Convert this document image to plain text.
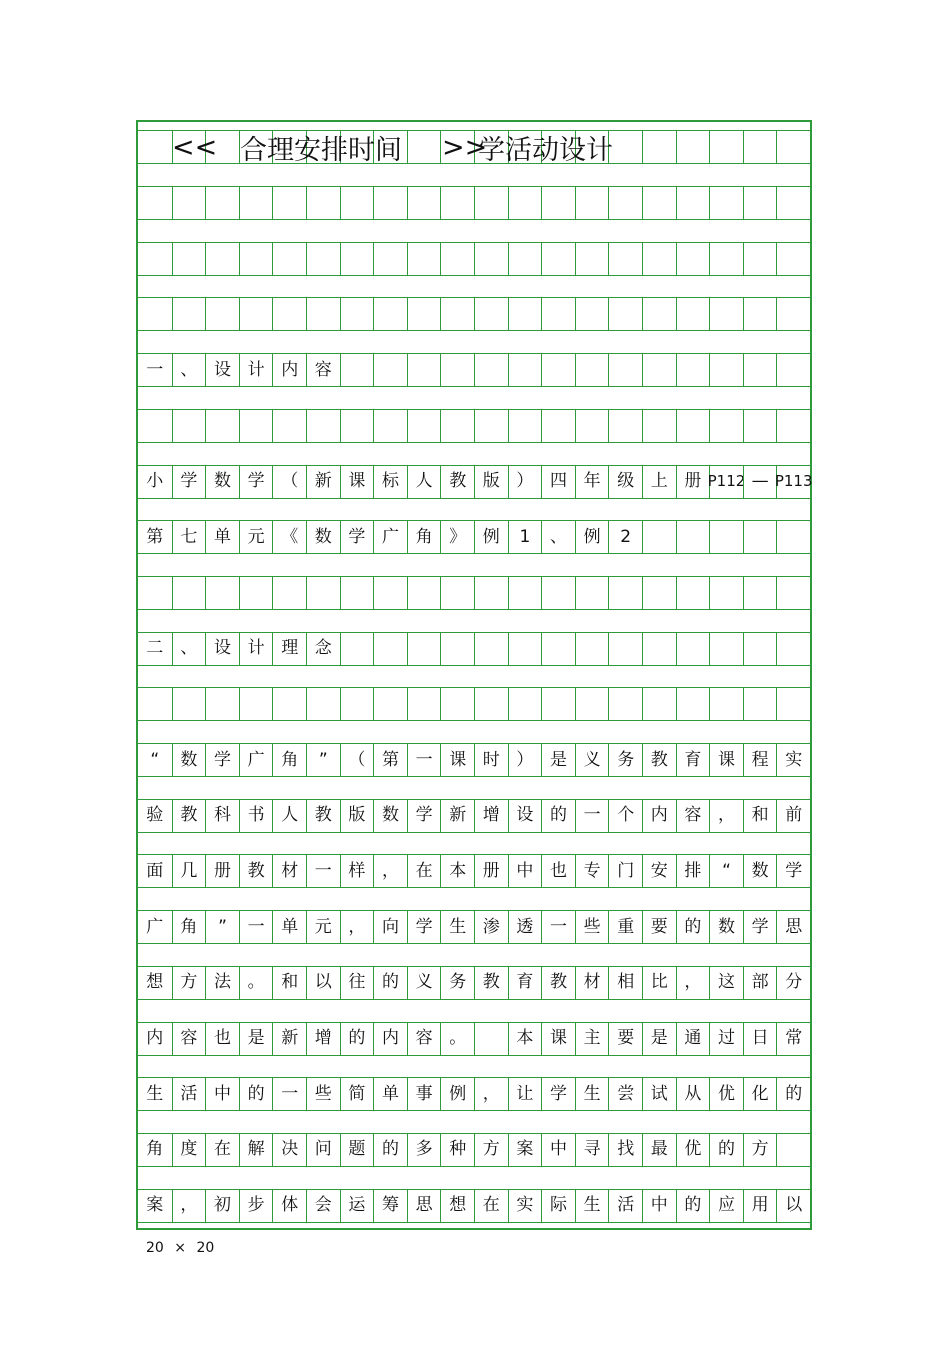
<< 合理安排时间 >>
学活动设计
一	、 设 计 内 容
小	学 数 学 （ 新 课 标 人 教 版 ） 四 年 级 上 册 P112 — P113
第	七 单 元 《 数 学 广 角 》 例	1	、 例	2
二	、 设 计 理 念
“	数 学 广 角	”	（ 第 一 课 时 ） 是 义 务 教 育 课 程 实
验	教 科 书 人 教 版 数 学 新 增 设 的 一 个 内 容 ， 和 前
面	几 册 教 材 一 样 ， 在 本 册 中 也 专 门 安 排	“	数 学
广	角	”	一 单 元 ， 向 学 生 渗 透 一 些 重 要 的 数 学 思
想	方 法 。 和 以 往 的 义 务 教 育 教 材 相 比 ， 这 部 分
内	容 也 是 新 增 的 内 容 。	本 课 主 要 是 通 过 日 常
生	活 中 的 一 些 简 单 事 例 ， 让 学 生 尝 试 从 优 化 的
角	度 在 解 决 问 题 的 多 种 方 案 中 寻 找 最 优 的 方
案	， 初 步 体 会 运 筹 思 想 在 实 际 生 活 中 的 应 用 以
20 × 20
